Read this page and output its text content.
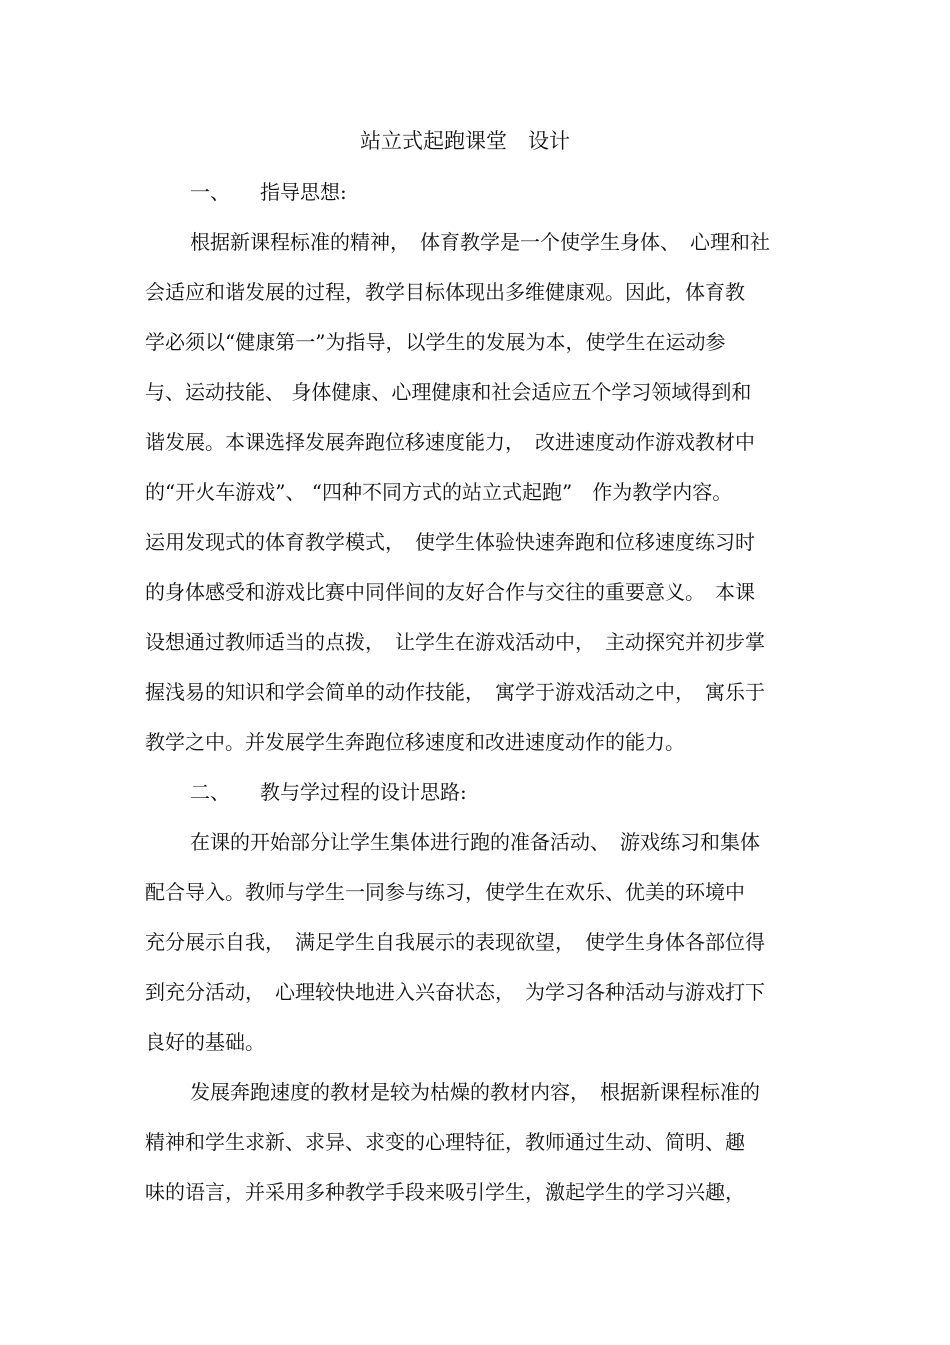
站立式起跑课堂　设计
一、　　指导思想:
根据新课程标准的精神，　体育教学是一个使学生身体、　心理和社
会适应和谐发展的过程，教学目标体现出多维健康观。因此，体育教
学必须以“健康第一”为指导，以学生的发展为本，使学生在运动参
与、运动技能、 身体健康、心理健康和社会适应五个学习领域得到和
谐发展。本课选择发展奔跑位移速度能力，　改进速度动作游戏教材中
的“开火车游戏”、 “四种不同方式的站立式起跑”　作为教学内容。
运用发现式的体育教学模式，　使学生体验快速奔跑和位移速度练习时
的身体感受和游戏比赛中同伴间的友好合作与交往的重要意义。　本课
设想通过教师适当的点拨，　让学生在游戏活动中，　主动探究并初步掌
握浅易的知识和学会简单的动作技能，　寓学于游戏活动之中，　寓乐于
教学之中。并发展学生奔跑位移速度和改进速度动作的能力。
二、　　教与学过程的设计思路:
在课的开始部分让学生集体进行跑的准备活动、　游戏练习和集体
配合导入。教师与学生一同参与练习，使学生在欢乐、优美的环境中
充分展示自我，　满足学生自我展示的表现欲望，　使学生身体各部位得
到充分活动，　心理较快地进入兴奋状态，　为学习各种活动与游戏打下
良好的基础。
发展奔跑速度的教材是较为枯燥的教材内容，　根据新课程标准的
精神和学生求新、求异、求变的心理特征，教师通过生动、简明、趣
味的语言，并采用多种教学手段来吸引学生，激起学生的学习兴趣，
